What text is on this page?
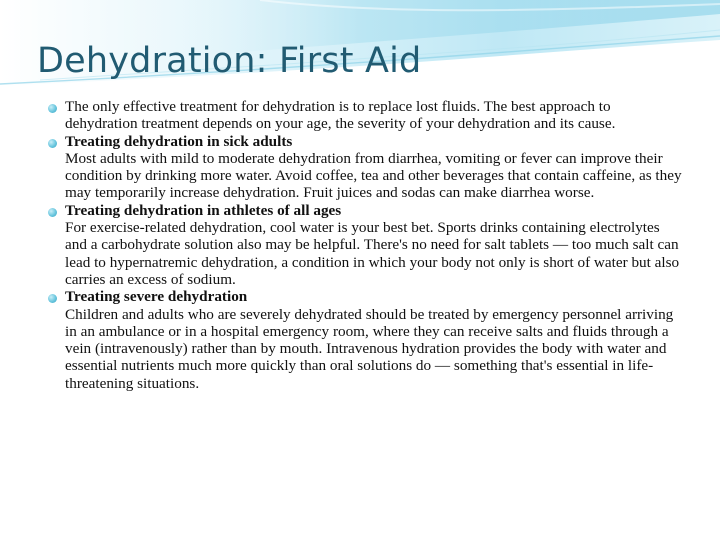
Dehydration: First Aid
The only effective treatment for dehydration is to replace lost fluids. The best approach to dehydration treatment depends on your age, the severity of your dehydration and its cause.
Treating dehydration in sick adults
Most adults with mild to moderate dehydration from diarrhea, vomiting or fever can improve their condition by drinking more water. Avoid coffee, tea and other beverages that contain caffeine, as they may temporarily increase dehydration. Fruit juices and sodas can make diarrhea worse.
Treating dehydration in athletes of all ages
For exercise-related dehydration, cool water is your best bet. Sports drinks containing electrolytes and a carbohydrate solution also may be helpful. There's no need for salt tablets — too much salt can lead to hypernatremic dehydration, a condition in which your body not only is short of water but also carries an excess of sodium.
Treating severe dehydration
Children and adults who are severely dehydrated should be treated by emergency personnel arriving in an ambulance or in a hospital emergency room, where they can receive salts and fluids through a vein (intravenously) rather than by mouth. Intravenous hydration provides the body with water and essential nutrients much more quickly than oral solutions do — something that's essential in life-threatening situations.
